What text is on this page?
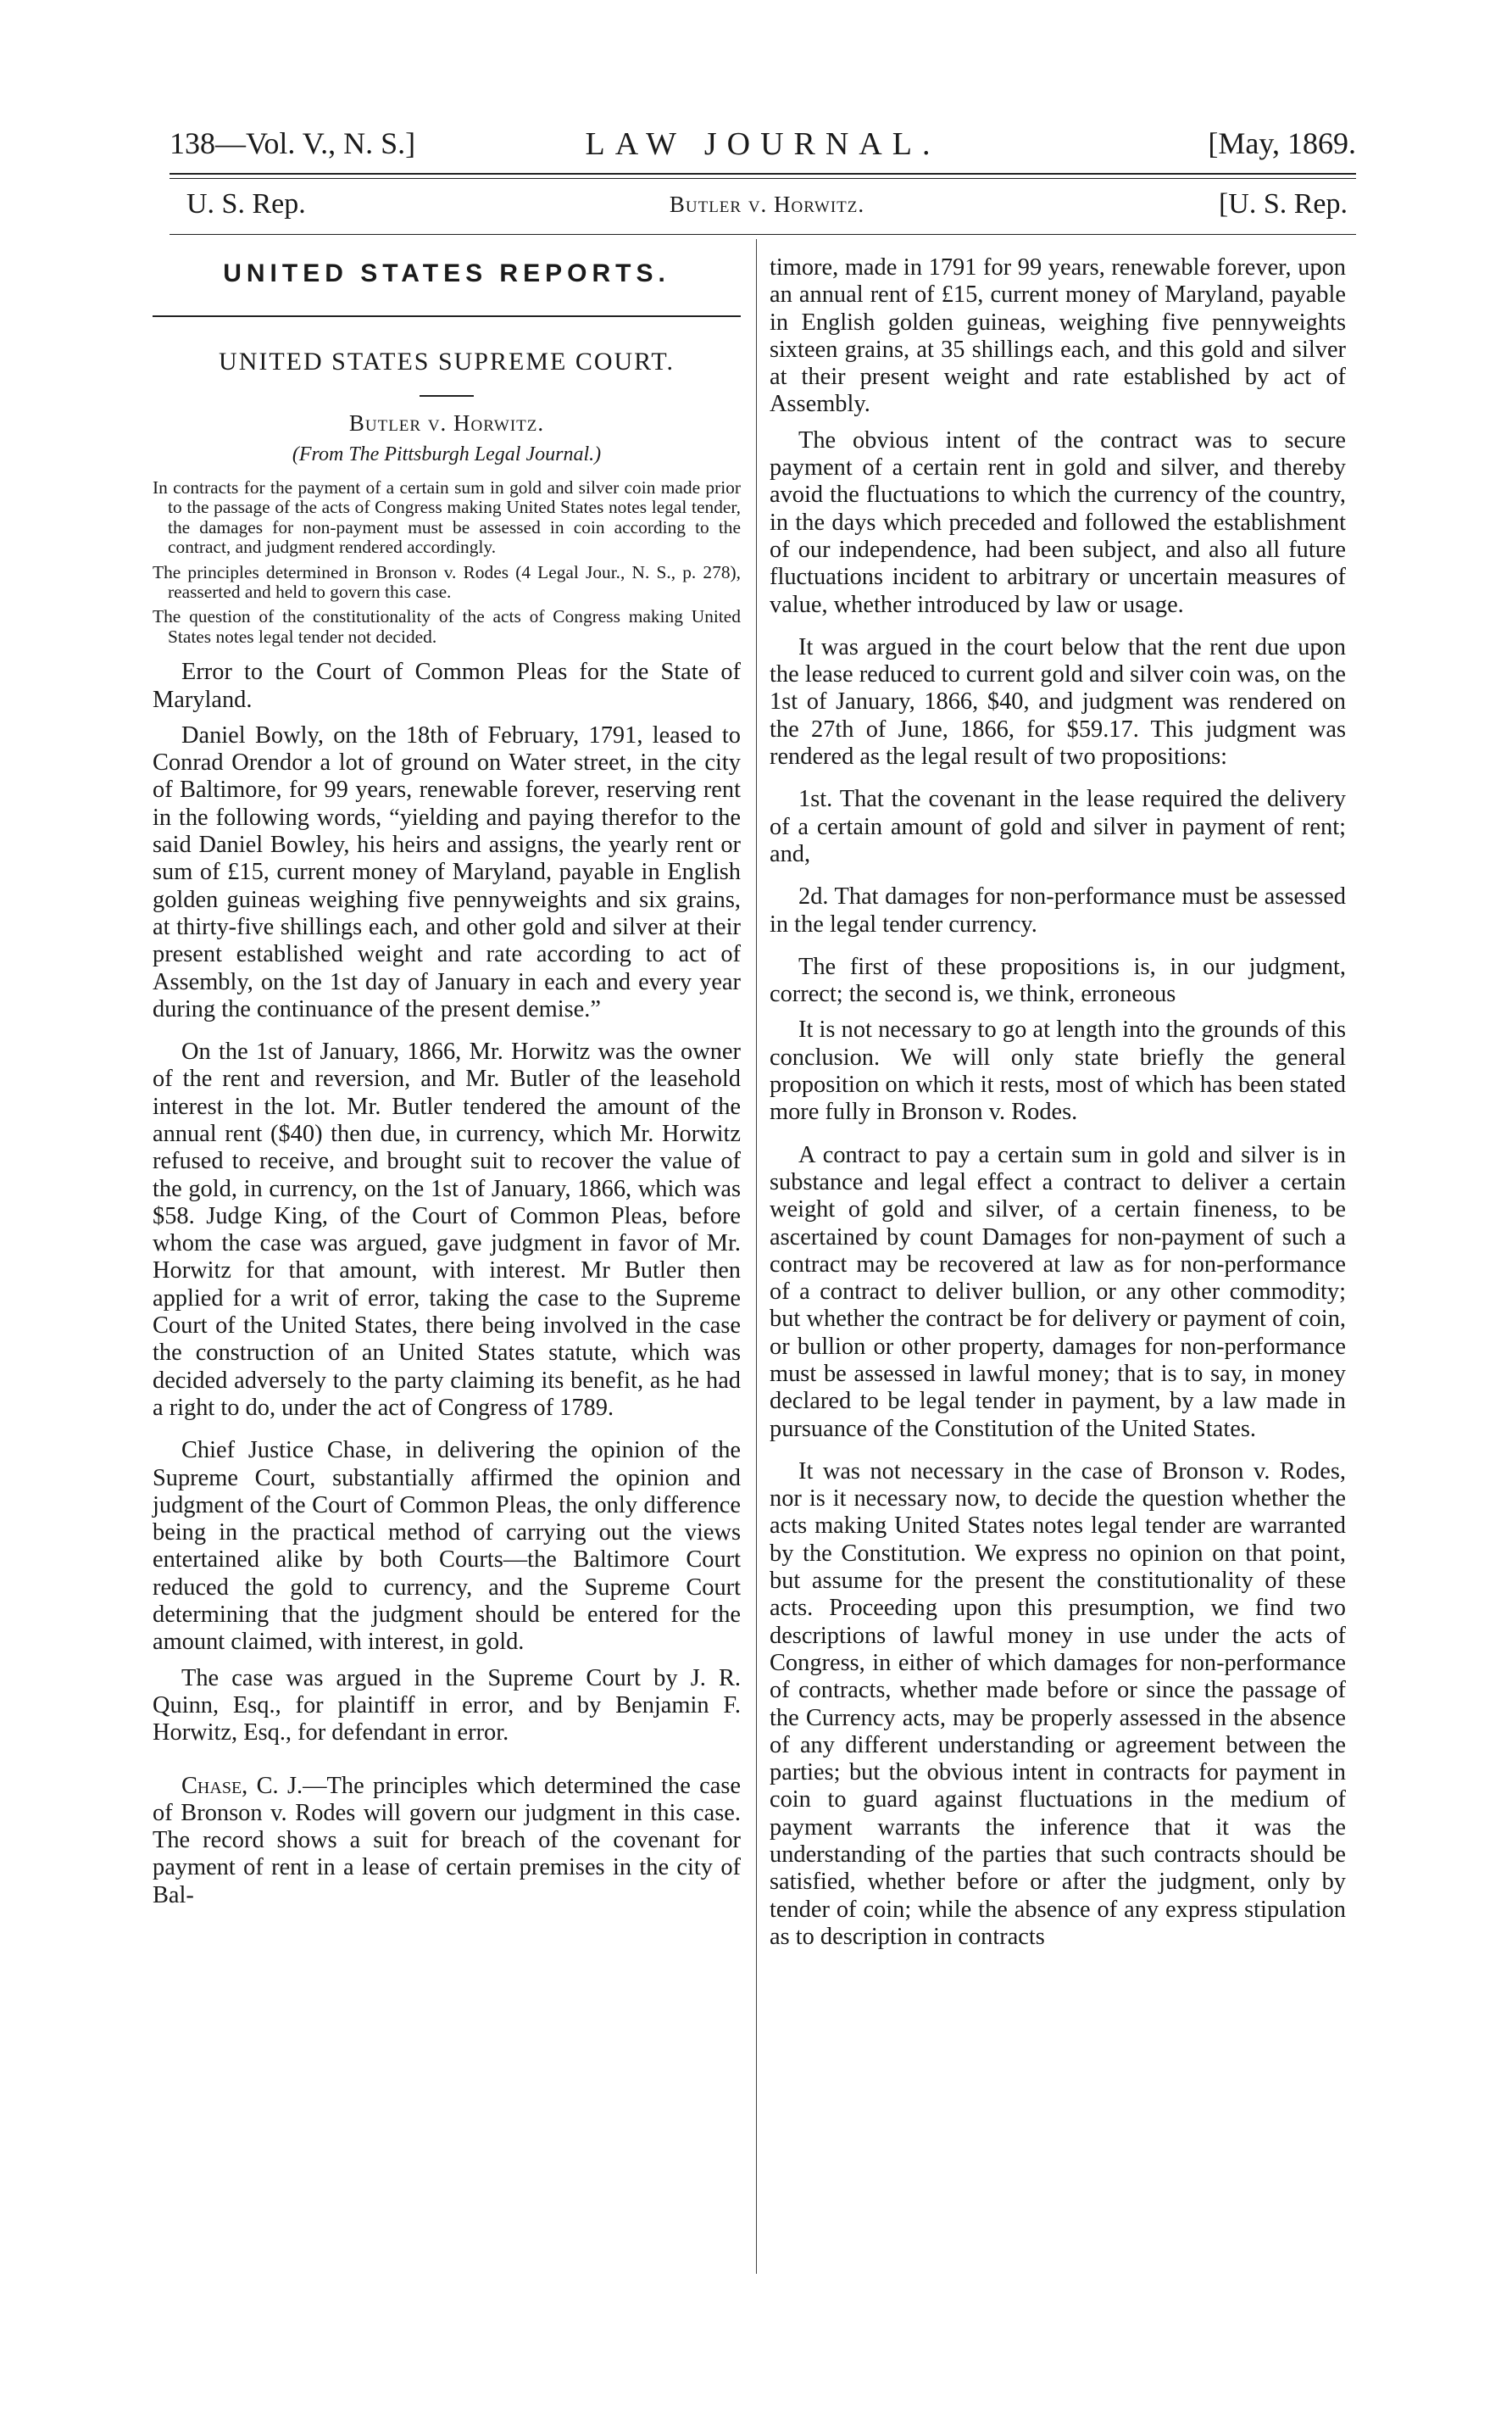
138—Vol. V., N. S.]	LAW JOURNAL.	[May, 1869.
U. S. Rep.	Butler v. Horwitz.	[U. S. Rep.
UNITED STATES REPORTS.
UNITED STATES SUPREME COURT.
Butler v. Horwitz.
(From The Pittsburgh Legal Journal.)

In contracts for the payment of a certain sum in gold and silver coin made prior to the passage of the acts of Congress making United States notes legal tender, the damages for non-payment must be assessed in coin according to the contract, and judgment rendered accordingly.

The principles determined in Bronson v. Rodes (4 Legal Jour., N. S., p. 278), reasserted and held to govern this case.

The question of the constitutionality of the acts of Congress making United States notes legal tender not decided.

Error to the Court of Common Pleas for the State of Maryland.

Daniel Bowly, on the 18th of February, 1791, leased to Conrad Orendor a lot of ground on Water street, in the city of Baltimore, for 99 years, renewable forever, reserving rent in the following words, “yielding and paying therefor to the said Daniel Bowley, his heirs and assigns, the yearly rent or sum of £15, current money of Maryland, payable in English golden guineas weighing five pennyweights and six grains, at thirty-five shillings each, and other gold and silver at their present established weight and rate according to act of Assembly, on the 1st day of January in each and every year during the continuance of the present demise.”

On the 1st of January, 1866, Mr. Horwitz was the owner of the rent and reversion, and Mr. Butler of the leasehold interest in the lot. Mr. Butler tendered the amount of the annual rent ($40) then due, in currency, which Mr. Horwitz refused to receive, and brought suit to recover the value of the gold, in currency, on the 1st of January, 1866, which was $58. Judge King, of the Court of Common Pleas, before whom the case was argued, gave judgment in favor of Mr. Horwitz for that amount, with interest. Mr Butler then applied for a writ of error, taking the case to the Supreme Court of the United States, there being involved in the case the construction of an United States statute, which was decided adversely to the party claiming its benefit, as he had a right to do, under the act of Congress of 1789.

Chief Justice Chase, in delivering the opinion of the Supreme Court, substantially affirmed the opinion and judgment of the Court of Common Pleas, the only difference being in the practical method of carrying out the views entertained alike by both Courts—the Baltimore Court reduced the gold to currency, and the Supreme Court determining that the judgment should be entered for the amount claimed, with interest, in gold.

The case was argued in the Supreme Court by J. R. Quinn, Esq., for plaintiff in error, and by Benjamin F. Horwitz, Esq., for defendant in error.

Chase, C. J.—The principles which determined the case of Bronson v. Rodes will govern our judgment in this case. The record shows a suit for breach of the covenant for payment of rent in a lease of certain premises in the city of Bal-

timore, made in 1791 for 99 years, renewable forever, upon an annual rent of £15, current money of Maryland, payable in English golden guineas, weighing five pennyweights sixteen grains, at 35 shillings each, and this gold and silver at their present weight and rate established by act of Assembly.

The obvious intent of the contract was to secure payment of a certain rent in gold and silver, and thereby avoid the fluctuations to which the currency of the country, in the days which preceded and followed the establishment of our independence, had been subject, and also all future fluctuations incident to arbitrary or uncertain measures of value, whether introduced by law or usage.

It was argued in the court below that the rent due upon the lease reduced to current gold and silver coin was, on the 1st of January, 1866, $40, and judgment was rendered on the 27th of June, 1866, for $59.17. This judgment was rendered as the legal result of two propositions:

1st. That the covenant in the lease required the delivery of a certain amount of gold and silver in payment of rent; and,

2d. That damages for non-performance must be assessed in the legal tender currency.

The first of these propositions is, in our judgment, correct; the second is, we think, erroneous

It is not necessary to go at length into the grounds of this conclusion. We will only state briefly the general proposition on which it rests, most of which has been stated more fully in Bronson v. Rodes.

A contract to pay a certain sum in gold and silver is in substance and legal effect a contract to deliver a certain weight of gold and silver, of a certain fineness, to be ascertained by count Damages for non-payment of such a contract may be recovered at law as for non-performance of a contract to deliver bullion, or any other commodity; but whether the contract be for delivery or payment of coin, or bullion or other property, damages for non-performance must be assessed in lawful money; that is to say, in money declared to be legal tender in payment, by a law made in pursuance of the Constitution of the United States.

It was not necessary in the case of Bronson v. Rodes, nor is it necessary now, to decide the question whether the acts making United States notes legal tender are warranted by the Constitution. We express no opinion on that point, but assume for the present the constitutionality of these acts. Proceeding upon this presumption, we find two descriptions of lawful money in use under the acts of Congress, in either of which damages for non-performance of contracts, whether made before or since the passage of the Currency acts, may be properly assessed in the absence of any different understanding or agreement between the parties; but the obvious intent in contracts for payment in coin to guard against fluctuations in the medium of payment warrants the inference that it was the understanding of the parties that such contracts should be satisfied, whether before or after the judgment, only by tender of coin; while the absence of any express stipulation as to description in contracts
